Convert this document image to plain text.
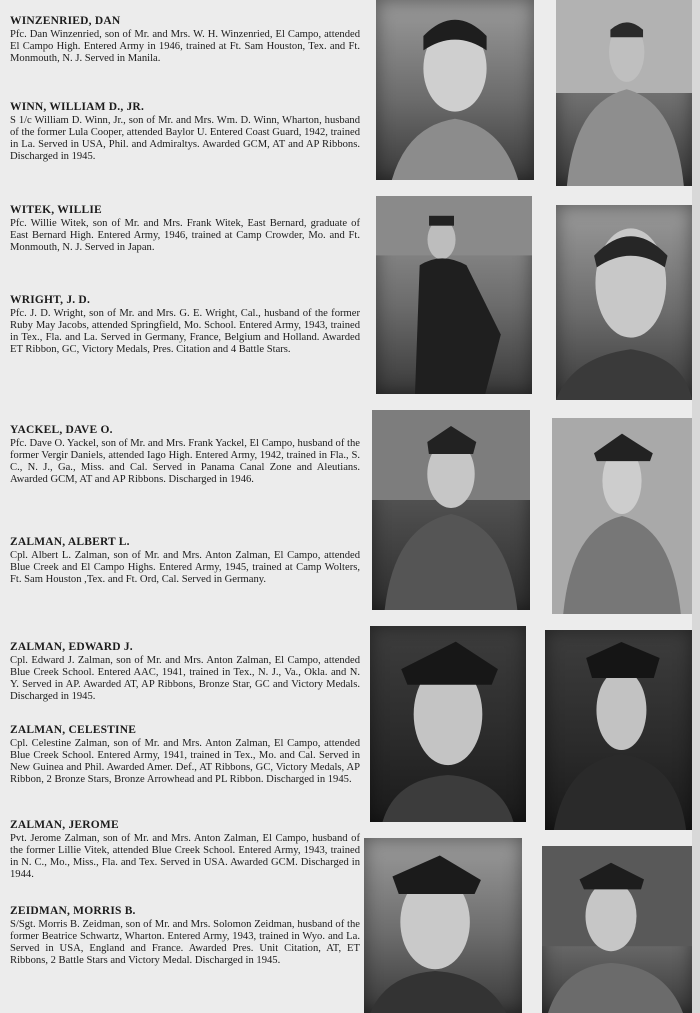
WINZENRIED, DAN

Pfc. Dan Winzenried, son of Mr. and Mrs. W. H. Winzenried, El Campo, attended El Campo High. Entered Army in 1946, trained at Ft. Sam Houston, Tex. and Ft. Monmouth, N. J. Served in Manila.

WINN, WILLIAM D., JR.

S 1/c William D. Winn, Jr., son of Mr. and Mrs. Wm. D. Winn, Wharton, husband of the former Lula Cooper, attended Baylor U. Entered Coast Guard, 1942, trained in La. Served in USA, Phil. and Admiraltys. Awarded GCM, AT and AP Ribbons. Discharged in 1945.

WITEK, WILLIE

Pfc. Willie Witek, son of Mr. and Mrs. Frank Witek, East Bernard, graduate of East Bernard High. Entered Army, 1946, trained at Camp Crowder, Mo. and Ft. Monmouth, N. J. Served in Japan.

WRIGHT, J. D.

Pfc. J. D. Wright, son of Mr. and Mrs. G. E. Wright, Cal., husband of the former Ruby May Jacobs, attended Springfield, Mo. School. Entered Army, 1943, trained in Tex., Fla. and La. Served in Germany, France, Belgium and Holland. Awarded ET Ribbon, GC, Victory Medals, Pres. Citation and 4 Battle Stars.

YACKEL, DAVE O.

Pfc. Dave O. Yackel, son of Mr. and Mrs. Frank Yackel, El Campo, husband of the former Vergir Daniels, attended Iago High. Entered Army, 1942, trained in Fla., S. C., N. J., Ga., Miss. and Cal. Served in Panama Canal Zone and Aleutians. Awarded GCM, AT and AP Ribbons. Discharged in 1946.

ZALMAN, ALBERT L.

Cpl. Albert L. Zalman, son of Mr. and Mrs. Anton Zalman, El Campo, attended Blue Creek and El Campo Highs. Entered Army, 1945, trained at Camp Wolters, Ft. Sam Houston ,Tex. and Ft. Ord, Cal. Served in Germany.

ZALMAN, EDWARD J.

Cpl. Edward J. Zalman, son of Mr. and Mrs. Anton Zalman, El Campo, attended Blue Creek School. Entered AAC, 1941, trained in Tex., N. J., Va., Okla. and N. Y. Served in AP. Awarded AT, AP Ribbons, Bronze Star, GC and Victory Medals. Discharged in 1945.

ZALMAN, CELESTINE

Cpl. Celestine Zalman, son of Mr. and Mrs. Anton Zalman, El Campo, attended Blue Creek School. Entered Army, 1941, trained in Tex., Mo. and Cal. Served in New Guinea and Phil. Awarded Amer. Def., AT Ribbons, GC, Victory Medals, AP Ribbon, 2 Bronze Stars, Bronze Arrowhead and PL Ribbon. Discharged in 1945.

ZALMAN, JEROME

Pvt. Jerome Zalman, son of Mr. and Mrs. Anton Zalman, El Campo, husband of the former Lillie Vitek, attended Blue Creek School. Entered Army, 1943, trained in N. C., Mo., Miss., Fla. and Tex. Served in USA. Awarded GCM. Discharged in 1944.

ZEIDMAN, MORRIS B.

S/Sgt. Morris B. Zeidman, son of Mr. and Mrs. Solomon Zeidman, husband of the former Beatrice Schwartz, Wharton. Entered Army, 1943, trained in Wyo. and La. Served in USA, England and France. Awarded Pres. Unit Citation, AT, ET Ribbons, 2 Battle Stars and Victory Medal. Discharged in 1945.
